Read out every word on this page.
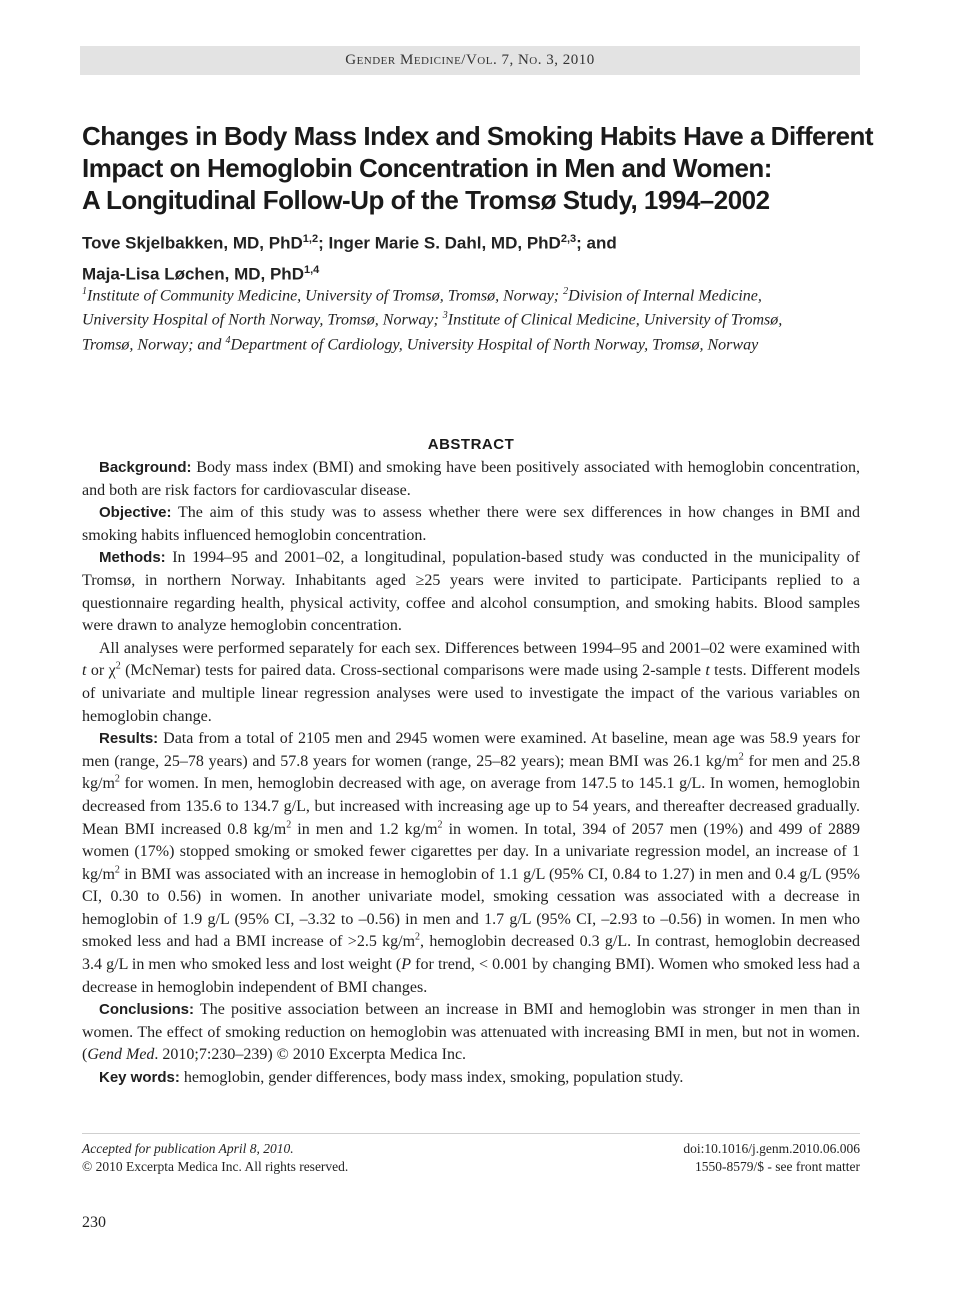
Gender Medicine/Vol. 7, No. 3, 2010
Changes in Body Mass Index and Smoking Habits Have a Different
Impact on Hemoglobin Concentration in Men and Women:
A Longitudinal Follow-Up of the Tromsø Study, 1994–2002
Tove Skjelbakken, MD, PhD$^{1,2}$; Inger Marie S. Dahl, MD, PhD$^{2,3}$; and
Maja-Lisa Løchen, MD, PhD$^{1,4}$
$^1$Institute of Community Medicine, University of Tromsø, Tromsø, Norway; $^2$Division of Internal Medicine,
University Hospital of North Norway, Tromsø, Norway; $^3$Institute of Clinical Medicine, University of Tromsø,
Tromsø, Norway; and $^4$Department of Cardiology, University Hospital of North Norway, Tromsø, Norway
ABSTRACT

Background: Body mass index (BMI) and smoking have been positively associated with hemoglobin concentration, and both are risk factors for cardiovascular disease.

Objective: The aim of this study was to assess whether there were sex differences in how changes in BMI and smoking habits influenced hemoglobin concentration.

Methods: In 1994–95 and 2001–02, a longitudinal, population-based study was conducted in the municipality of Tromsø, in northern Norway. Inhabitants aged ≥25 years were invited to participate. Participants replied to a questionnaire regarding health, physical activity, coffee and alcohol consumption, and smoking habits. Blood samples were drawn to analyze hemoglobin concentration.

All analyses were performed separately for each sex. Differences between 1994–95 and 2001–02 were examined with t or $\chi^2$ (McNemar) tests for paired data. Cross-sectional comparisons were made using 2-sample t tests. Different models of univariate and multiple linear regression analyses were used to investigate the impact of the various variables on hemoglobin change.

Results: Data from a total of 2105 men and 2945 women were examined. At baseline, mean age was 58.9 years for men (range, 25–78 years) and 57.8 years for women (range, 25–82 years); mean BMI was 26.1 $kg/m^2$ for men and 25.8 $kg/m^2$ for women. In men, hemoglobin decreased with age, on average from 147.5 to 145.1 g/L. In women, hemoglobin decreased from 135.6 to 134.7 g/L, but increased with increasing age up to 54 years, and thereafter decreased gradually. Mean BMI increased 0.8 $kg/m^2$ in men and 1.2 $kg/m^2$ in women. In total, 394 of 2057 men (19%) and 499 of 2889 women (17%) stopped smoking or smoked fewer cigarettes per day. In a univariate regression model, an increase of 1 $kg/m^2$ in BMI was associated with an increase in hemoglobin of 1.1 g/L (95% CI, 0.84 to 1.27) in men and 0.4 g/L (95% CI, 0.30 to 0.56) in women. In another univariate model, smoking cessation was associated with a decrease in hemoglobin of 1.9 g/L (95% CI, –3.32 to –0.56) in men and 1.7 g/L (95% CI, –2.93 to –0.56) in women. In men who smoked less and had a BMI increase of >2.5 $kg/m^2$, hemoglobin decreased 0.3 g/L. In contrast, hemoglobin decreased 3.4 g/L in men who smoked less and lost weight (P for trend, < 0.001 by changing BMI). Women who smoked less had a decrease in hemoglobin independent of BMI changes.

Conclusions: The positive association between an increase in BMI and hemoglobin was stronger in men than in women. The effect of smoking reduction on hemoglobin was attenuated with increasing BMI in men, but not in women. (Gend Med. 2010;7:230–239) © 2010 Excerpta Medica Inc.

Key words: hemoglobin, gender differences, body mass index, smoking, population study.

Accepted for publication April 8, 2010.
© 2010 Excerpta Medica Inc. All rights reserved.
doi:10.1016/j.genm.2010.06.006
1550-8579/$ - see front matter
230
